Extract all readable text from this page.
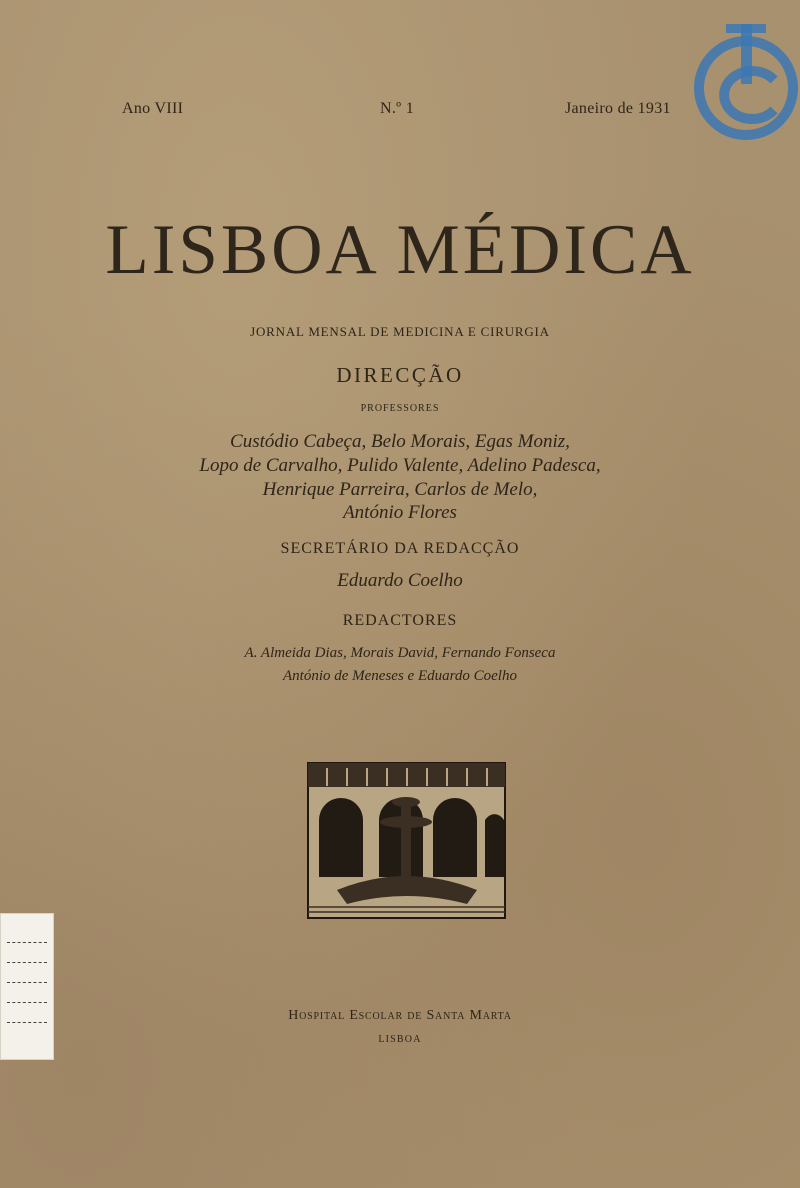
Ano VIII	N.º 1	Janeiro de 1931
LISBOA MÉDICA
JORNAL MENSAL DE MEDICINA E CIRURGIA
DIRECÇÃO
PROFESSORES
Custódio Cabeça, Belo Morais, Egas Moniz,
Lopo de Carvalho, Pulido Valente, Adelino Padesca,
Henrique Parreira, Carlos de Melo,
António Flores
SECRETÁRIO DA REDACÇÃO
Eduardo Coelho
REDACTORES
A. Almeida Dias, Morais David, Fernando Fonseca
António de Meneses e Eduardo Coelho
Hospital Escolar de Santa Marta
LISBOA
